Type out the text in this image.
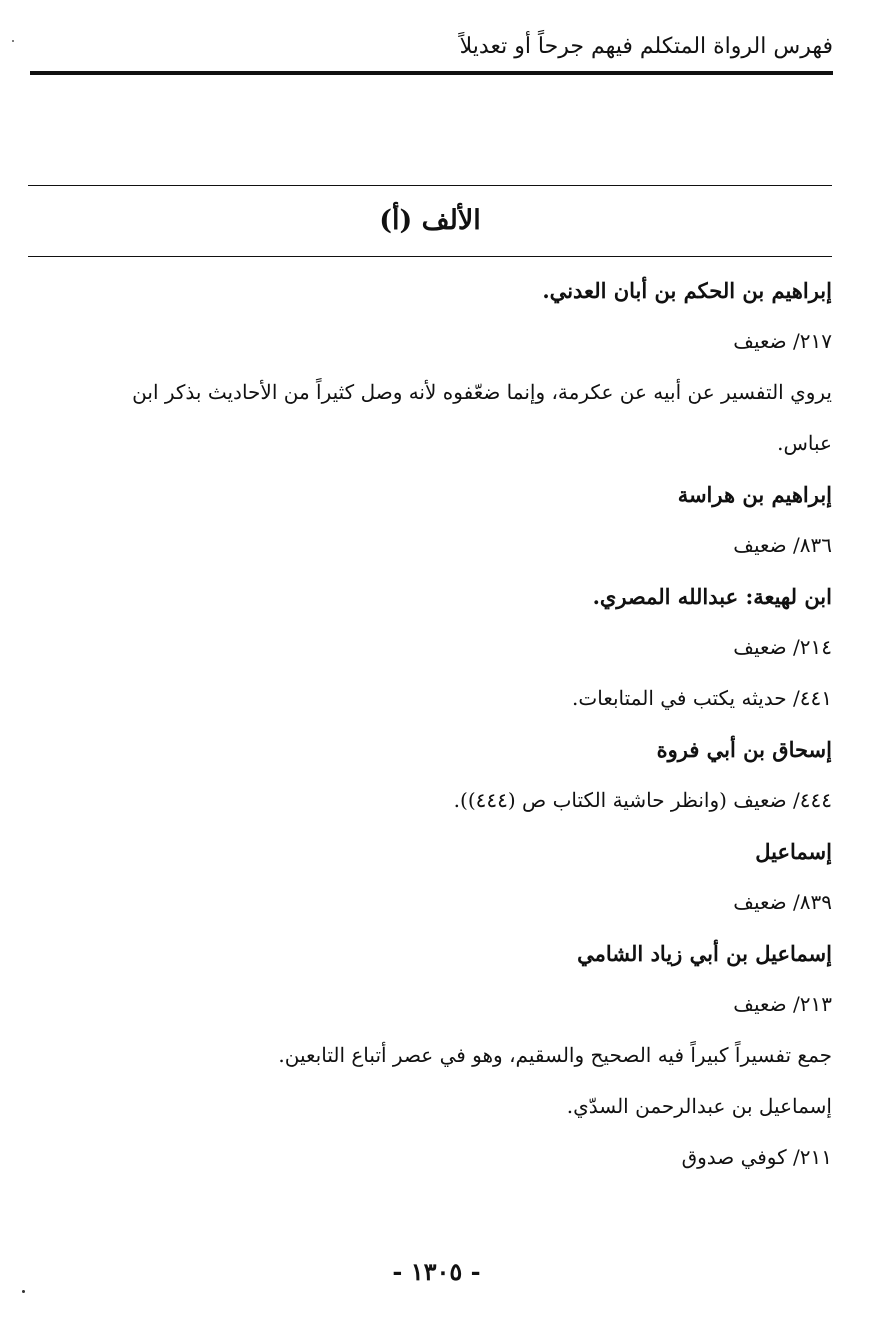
فهرس الرواة المتكلم فيهم جرحاً أو تعديلاً
الألف (أ)
إبراهيم بن الحكم بن أبان العدني.
٢١٧/ ضعيف
يروي التفسير عن أبيه عن عكرمة، وإنما ضعّفوه لأنه وصل كثيراً من الأحاديث بذكر ابن
عباس.
إبراهيم بن هراسة
٨٣٦/ ضعيف
ابن لهيعة: عبدالله المصري.
٢١٤/ ضعيف
٤٤١/ حديثه يكتب في المتابعات.
إسحاق بن أبي فروة
٤٤٤/ ضعيف (وانظر حاشية الكتاب ص (٤٤٤)).
إسماعيل
٨٣٩/ ضعيف
إسماعيل بن أبي زياد الشامي
٢١٣/ ضعيف
جمع تفسيراً كبيراً فيه الصحيح والسقيم، وهو في عصر أتباع التابعين.
إسماعيل بن عبدالرحمن السدّي.
٢١١/ كوفي صدوق
- ١٣٠٥ -
